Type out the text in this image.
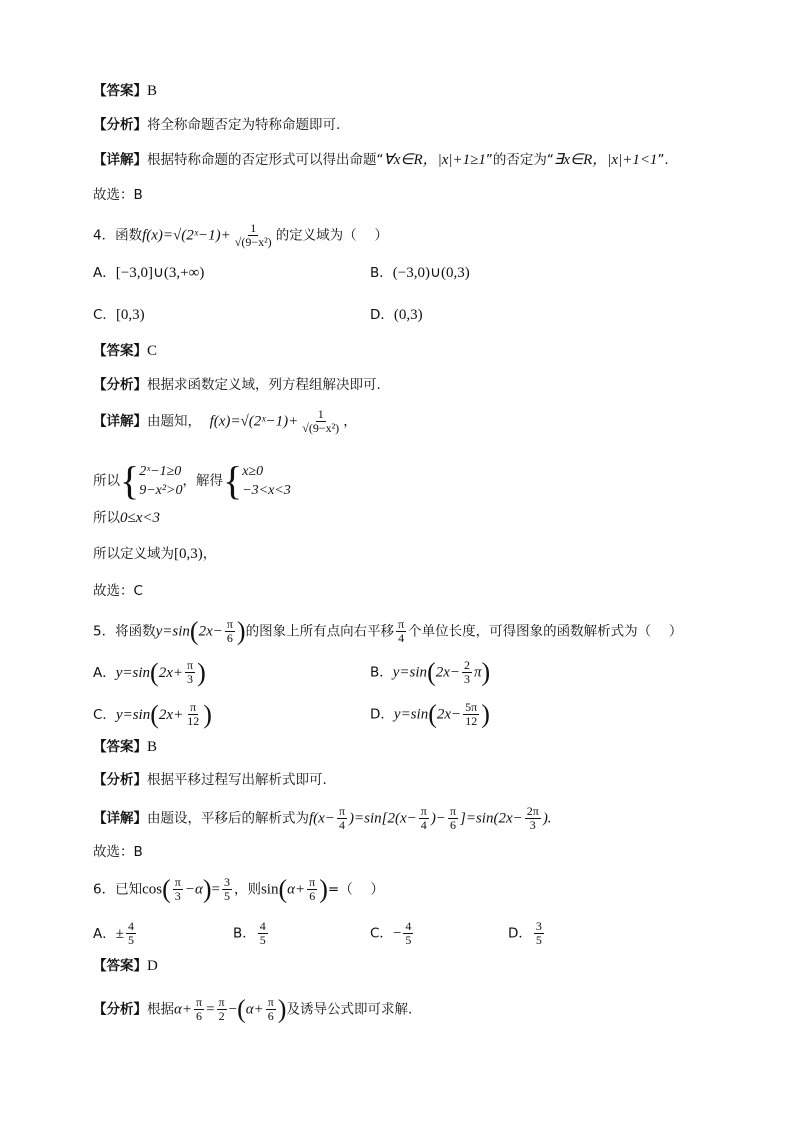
【答案】B
【分析】将全称命题否定为特称命题即可.
【详解】根据特称命题的否定形式可以得出命题“∀x∈R，|x|+1≥1”的否定为“∃x∈R，|x|+1<1”.
故选：B
4．函数f(x)=√(2ˣ−1)+ $\frac{1}{\text{√(9−x²)}}$ 的定义域为（　 ）
A．[−3,0]∪(3,+∞)	B．(−3,0)∪(0,3)
C．[0,3)	D．(0,3)
【答案】C
【分析】根据求函数定义域，列方程组解决即可.
【详解】由题知， f(x)=√(2ˣ−1)+ $\frac{1}{\text{√(9−x²)}}$ ，
所以{ 2ˣ−1≥0
9−x²>0
，解得{ x≥0
−3<x<3
所以0≤x<3
所以定义域为[0,3)，
故选：C
5．将函数$y=\sin(2x- \frac{\pi}{6}$ )的图象上所有点向右平移 $\frac{\pi}{4}$ 个单位长度，可得图象的函数解析式为（　 ）
A．$y=\sin(2x+ \frac{\pi}{3}$ )	B．$y=\sin(2x- \frac{2}{3} \pi)$
C．$y=\sin(2x+ \frac{\pi}{12}$ )	D．$y=\sin(2x- \frac{5\pi}{12}$ )
【答案】B
【分析】根据平移过程写出解析式即可.
【详解】由题设，平移后的解析式为$f(x- \frac{\pi}{4} )=\sin[2(x- \frac{\pi}{4}$ )− $\frac{\pi}{6} ]=\sin(2x- \frac{2\pi}{3}$ ).
故选：B
6．已知$\cos( \frac{\pi}{3} -\alpha)= \frac{3}{5}$ ，则$\sin(\alpha+ \frac{\pi}{6}$ )=（　 ）
A．± $\frac{4}{5}$	B． $\frac{4}{5}$	C．− $\frac{4}{5}$	D． $\frac{3}{5}$
【答案】D
【分析】根据$\alpha+ \frac{\pi}{6} = \frac{\pi}{2} -(\alpha+ \frac{\pi}{6}$ )及诱导公式即可求解.
